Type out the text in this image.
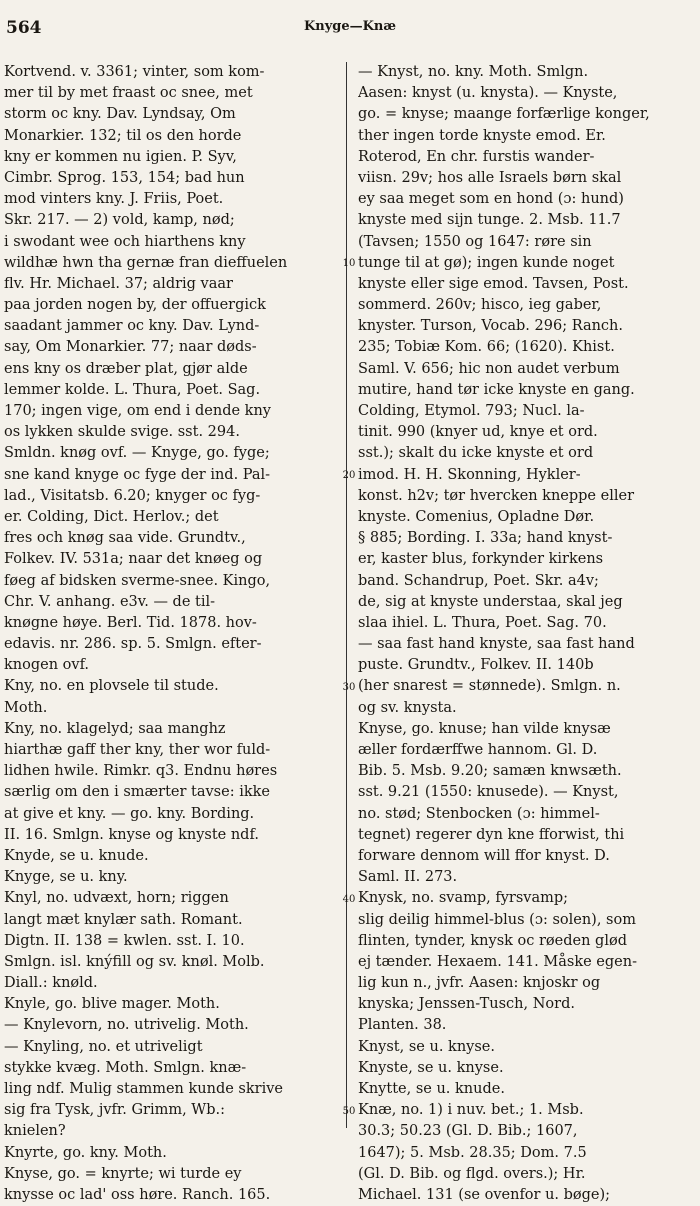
564	Knyge—Knæ
Kortvend. v. 3361; vinter, som kom-
mer til by met fraast oc snee, met
storm oc kny. Dav. Lyndsay, Om
Monarkier. 132; til os den horde
kny er kommen nu igien. P. Syv,
Cimbr. Sprog. 153, 154; bad hun
mod vinters kny. J. Friis, Poet.
Skr. 217. — 2) vold, kamp, nød;
i swodant wee och hiarthens kny
wildhæ hwn tha gernæ fran dieffuelen
flv. Hr. Michael. 37; aldrig vaar
paa jorden nogen by, der offuergick
saadant jammer oc kny. Dav. Lynd-
say, Om Monarkier. 77; naar døds-
ens kny os dræber plat, gjør alde
lemmer kolde. L. Thura, Poet. Sag.
170; ingen vige, om end i dende kny
os lykken skulde svige. sst. 294.
Smldn. knøg ovf. — Knyge, go. fyge;
sne kand knyge oc fyge der ind. Pal-
lad., Visitatsb. 6.20; knyger oc fyg-
er. Colding, Dict. Herlov.; det
fres och knøg saa vide. Grundtv.,
Folkev. IV. 531a; naar det knøeg og
føeg af bidsken sverme-snee. Kingo,
Chr. V. anhang. e3v. — de til-
knøgne høye. Berl. Tid. 1878. hov-
edavis. nr. 286. sp. 5. Smlgn. efter-
knogen ovf.
Kny, no. en plovsele til stude.
Moth.
Kny, no. klagelyd; saa manghz
hiarthæ gaff ther kny, ther wor fuld-
lidhen hwile. Rimkr. q3. Endnu høres
særlig om den i smærter tavse: ikke
at give et kny. — go. kny. Bording.
II. 16. Smlgn. knyse og knyste ndf.
Knyde, se u. knude.
Knyge, se u. kny.
Knyl, no. udvæxt, horn; riggen
langt mæt knylær sath. Romant.
Digtn. II. 138 = kwlen. sst. I. 10.
Smlgn. isl. knýfill og sv. knøl. Molb.
Diall.: knøld.
Knyle, go. blive mager. Moth.
— Knylevorn, no. utrivelig. Moth.
— Knyling, no. et utriveligt
stykke kvæg. Moth. Smlgn. knæ-
ling ndf. Mulig stammen kunde skrive
sig fra Tysk, jvfr. Grimm, Wb.:
knielen?
Knyrte, go. kny. Moth.
Knyse, go. = knyrte; wi turde ey
knysse oc lad' oss høre. Ranch. 165.
— Knyst, no. kny. Moth. Smlgn.
Aasen: knyst (u. knysta). — Knyste,
go. = knyse; maange forfærlige konger,
ther ingen torde knyste emod. Er.
Roterod, En chr. furstis wander-
viisn. 29v; hos alle Israels børn skal
ey saa meget som en hond (ɔ: hund)
knyste med sijn tunge. 2. Msb. 11.7
(Tavsen; 1550 og 1647: røre sin
tunge til at gø); ingen kunde noget
knyste eller sige emod. Tavsen, Post.
sommerd. 260v; hisco, ieg gaber,
knyster. Turson, Vocab. 296; Ranch.
235; Tobiæ Kom. 66; (1620). Khist.
Saml. V. 656; hic non audet verbum
mutire, hand tør icke knyste en gang.
Colding, Etymol. 793; Nucl. la-
tinit. 990 (knyer ud, knye et ord.
sst.); skalt du icke knyste et ord
imod. H. H. Skonning, Hykler-
konst. h2v; tør hvercken kneppe eller
knyste. Comenius, Opladne Dør.
§ 885; Bording. I. 33a; hand knyst-
er, kaster blus, forkynder kirkens
band. Schandrup, Poet. Skr. a4v;
de, sig at knyste understaa, skal jeg
slaa ihiel. L. Thura, Poet. Sag. 70.
— saa fast hand knyste, saa fast hand
puste. Grundtv., Folkev. II. 140b
(her snarest = stønnede). Smlgn. n.
og sv. knysta.
Knyse, go. knuse; han vilde knysæ
æller fordærffwe hannom. Gl. D.
Bib. 5. Msb. 9.20; samæn knwsæth.
sst. 9.21 (1550: knusede). — Knyst,
no. stød; Stenbocken (ɔ: himmel-
tegnet) regerer dyn kne fforwist, thi
forware dennom will ffor knyst. D.
Saml. II. 273.
Knysk, no. svamp, fyrsvamp;
slig deilig himmel-blus (ɔ: solen), som
flinten, tynder, knysk oc røeden glød
ej tænder. Hexaem. 141. Måske egen-
lig kun n., jvfr. Aasen: knjoskr og
knyska; Jenssen-Tusch, Nord.
Planten. 38.
Knyst, se u. knyse.
Knyste, se u. knyse.
Knytte, se u. knude.
Knæ, no. 1) i nuv. bet.; 1. Msb.
30.3; 50.23 (Gl. D. Bib.; 1607,
1647); 5. Msb. 28.35; Dom. 7.5
(Gl. D. Bib. og flgd. overs.); Hr.
Michael. 131 (se ovenfor u. bøge);
10
20
30
40
50
